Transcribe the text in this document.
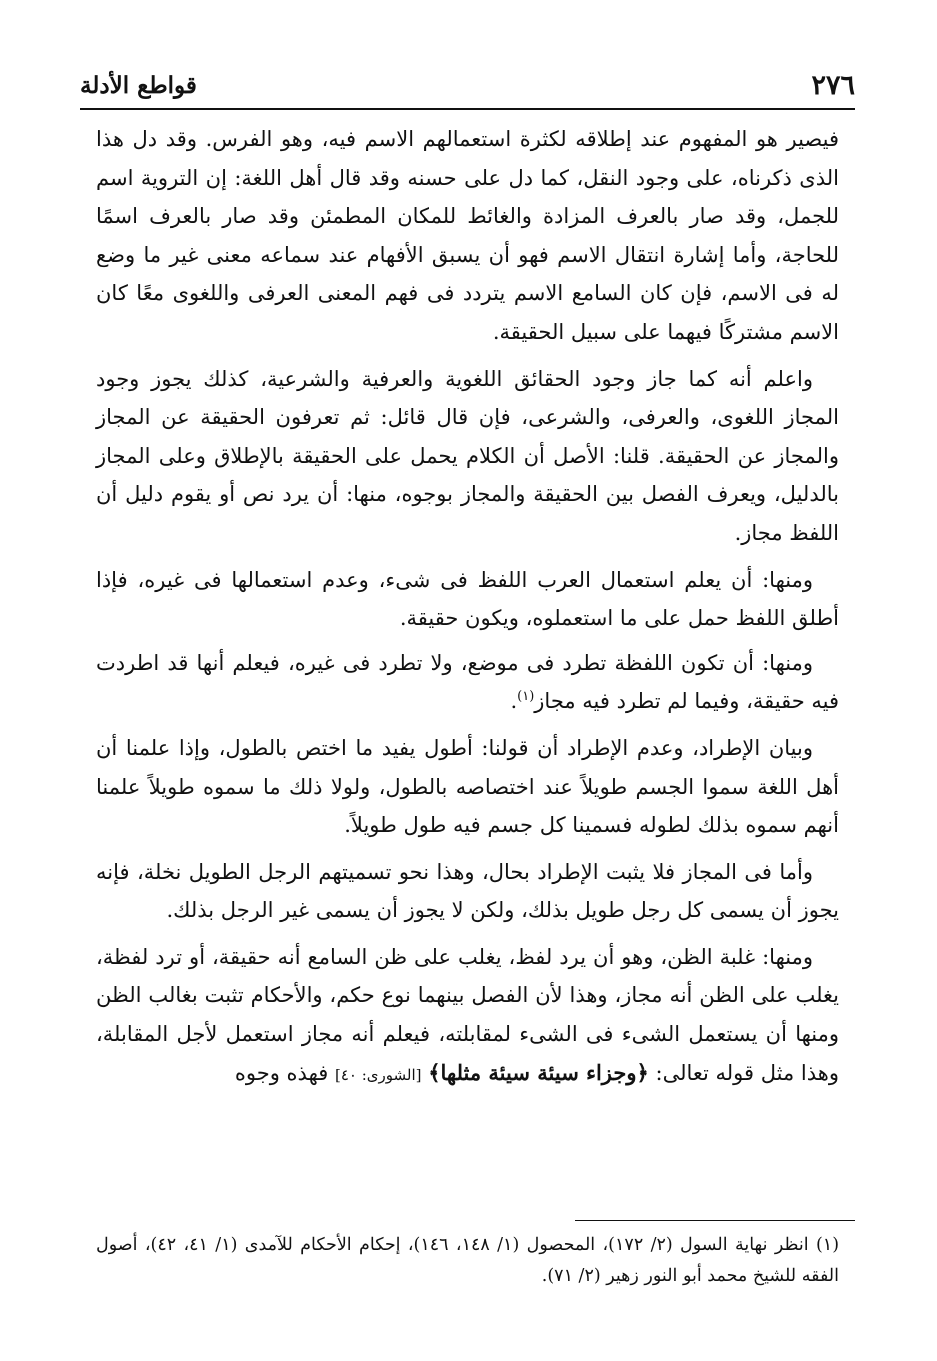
٢٧٦
قواطع الأدلة

فيصير هو المفهوم عند إطلاقه لكثرة استعمالهم الاسم فيه، وهو الفرس. وقد دل هذا الذى ذكرناه، على وجود النقل، كما دل على حسنه وقد قال أهل اللغة: إن التروية اسم للجمل، وقد صار بالعرف المزادة والغائط للمكان المطمئن وقد صار بالعرف اسمًا للحاجة، وأما إشارة انتقال الاسم فهو أن يسبق الأفهام عند سماعه معنى غير ما وضع له فى الاسم، فإن كان السامع الاسم يتردد فى فهم المعنى العرفى واللغوى معًا كان الاسم مشتركًا فيهما على سبيل الحقيقة.

واعلم أنه كما جاز وجود الحقائق اللغوية والعرفية والشرعية، كذلك يجوز وجود المجاز اللغوى، والعرفى، والشرعى، فإن قال قائل: ثم تعرفون الحقيقة عن المجاز والمجاز عن الحقيقة. قلنا: الأصل أن الكلام يحمل على الحقيقة بالإطلاق وعلى المجاز بالدليل، ويعرف الفصل بين الحقيقة والمجاز بوجوه، منها: أن يرد نص أو يقوم دليل أن اللفظ مجاز.

ومنها: أن يعلم استعمال العرب اللفظ فى شىء، وعدم استعمالها فى غيره، فإذا أطلق اللفظ حمل على ما استعملوه، ويكون حقيقة.

ومنها: أن تكون اللفظة تطرد فى موضع، ولا تطرد فى غيره، فيعلم أنها قد اطردت فيه حقيقة، وفيما لم تطرد فيه مجاز$^{(١)}$.

وبيان الإطراد، وعدم الإطراد أن قولنا: أطول يفيد ما اختص بالطول، وإذا علمنا أن أهل اللغة سموا الجسم طويلاً عند اختصاصه بالطول، ولولا ذلك ما سموه طويلاً علمنا أنهم سموه بذلك لطوله فسمينا كل جسم فيه طول طويلاً.

وأما فى المجاز فلا يثبت الإطراد بحال، وهذا نحو تسميتهم الرجل الطويل نخلة، فإنه يجوز أن يسمى كل رجل طويل بذلك، ولكن لا يجوز أن يسمى غير الرجل بذلك.

ومنها: غلبة الظن، وهو أن يرد لفظ، يغلب على ظن السامع أنه حقيقة، أو ترد لفظة، يغلب على الظن أنه مجاز، وهذا لأن الفصل بينهما نوع حكم، والأحكام تثبت بغالب الظن ومنها أن يستعمل الشىء فى الشىء لمقابلته، فيعلم أنه مجاز استعمل لأجل المقابلة، وهذا مثل قوله تعالى: ﴿وجزاء سيئة سيئة مثلها﴾ [الشورى: ٤٠] فهذه وجوه

(١) انظر نهاية السول (٢/ ١٧٢)، المحصول (١/ ١٤٨، ١٤٦)، إحكام الأحكام للآمدى (١/ ٤١، ٤٢)، أصول الفقه للشيخ محمد أبو النور زهير (٢/ ٧١).
